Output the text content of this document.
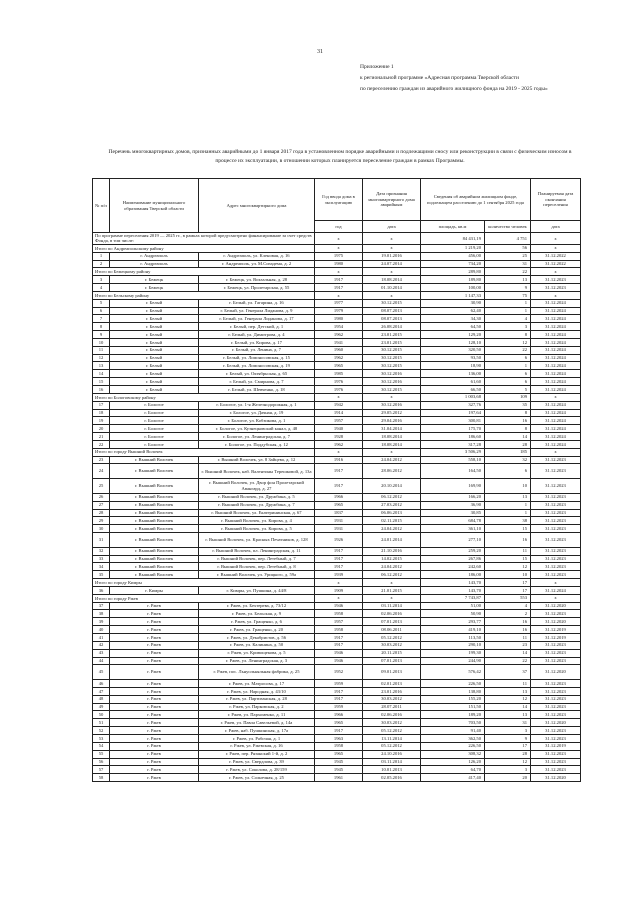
31
Приложение 1
к региональной программе «Адресная программа Тверской области
по переселению граждан из аварийного жилищного фонда на 2019 - 2025 годы»
Перечень многоквартирных домов, признанных аварийными до 1 января 2017 года в установленном порядке аварийными и подлежащими сносу или реконструкции в связи с физическим износом в процессе их эксплуатации, в отношении которых планируется переселение граждан в рамках Программы.
№ п/п	Наименование муниципального образования Тверской области	Адрес многоквартирного дома	Год ввода дома в эксплуатацию	Дата признания многоквартирного дома аварийным	Сведения об аварийном жилищном фонде, подлежащем расселению до 1 сентября 2025 года		Планируемая дата окончания переселения
			год	дата	площадь, кв.м	количество человек	дата
По программе переселения 2019 — 2025 гг., в рамках которой предусмотрено финансирование за счет средств Фонда, в том числе:			х	х	84 431,19	4 751	х
Итого по Андреапольскому району			х	х	1 219,20	56	х
1	г. Андреаполь	г. Андреаполь, ул. Кленовая, д. 16	1975	19.01.2016	456,00	25	31.12.2022
2	г. Андреаполь	г. Андреаполь, ул. М.Сизадема, д. 2	1980	24.07.2014	734,20	31	31.12.2022
Итого по Бежецкому району			х	х	289,80	22	х
3	г. Бежецк	г. Бежецк, ул. Вокзальная, д. 28	1917	18.08.2014	189,80	13	31.12.2023
4	г. Бежецк	г. Бежецк, ул. Пролетарская, д. 55	1917	01.10.2014	100,00	9	31.12.2023
Итого по Бельскому району			х	х	1 147,33	75	х
5	г. Белый	г. Белый, ул. Гагарина, д. 16	1977	30.12.2015	30,90	1	31.12.2024
6	г. Белый	г. Белый, ул. Генерала Лиданова, д. 9	1979	08.07.2013	62,40	1	31.12.2024
7	г. Белый	г. Белый, ул. Генерала Лиданова, д. 17	1980	08.07.2013	34,30	4	31.12.2024
8	г. Белый	г. Белый, пер. Детский, д. 1	1954	26.08.2014	64,50	3	31.12.2024
9	г. Белый	г. Белый, ул. Димитрова, д. 4	1962	23.01.2015	129,20	8	31.12.2024
10	г. Белый	г. Белый, ул. Кирова, д. 17	1941	23.01.2015	128,10	12	31.12.2024
11	г. Белый	г. Белый, ул. Ленина, д. 7	1960	30.12.2015	320,50	22	31.12.2024
12	г. Белый	г. Белый, ул. Ломоносовская, д. 15	1962	30.12.2015	93,50	6	31.12.2024
13	г. Белый	г. Белый, ул. Ломоносовская, д. 19	1965	30.12.2015	18,90	1	31.12.2024
14	г. Белый	г. Белый, ул. Октябрьская, д. 65	1985	30.12.2016	136,00	6	31.12.2024
15	г. Белый	г. Белый, ул. Смирнова, д. 7	1976	30.12.2016	61,60	6	31.12.2024
16	г. Белый	г. Белый, ул. Шевченко, д. 18	1976	30.12.2015	66,50	5	31.12.2024
Итого по Бологовскому району			х	х	1 003,68	109	х
17	г. Бологое	г. Бологое, ул. 1-я Железнодорожная, д. 1	1942	30.12.2016	327,76	35	31.12.2024
18	г. Бологое	г. Бологое, ул. Дачная, д. 19	1914	29.05.2012	197,64	8	31.12.2024
19	г. Бологое	г. Бологое, ул. Кобзикова, д. 1	1957	29.04.2016	300,81	16	31.12.2024
20	г. Бологое	г. Бологое, ул. Кузнецковский канал, д. 48	1940	31.04.2014	175,70	8	31.12.2024
21	г. Бологое	г. Бологое, ул. Ленинградская, д. 7	1928	18.08.2014	186,60	14	31.12.2024
22	г. Бологое	г. Бологое, ул. Поддубская, д. 12	1962	18.08.2014	317,28	28	31.12.2024
Итого по городу Вышний Волочек			х	х	3 506,29	185	х
23	г. Вышний Волочек	г. Вышний Волочек, ул. 8 Зайцева, д. 12	1916	24.04.2012	558,10	32	31.12.2023
24	г. Вышний Волочек	г. Вышний Волочек, наб. Валентины Терешковой, д. 13а	1917	28.06.2012	164,50	6	31.12.2023
25	г. Вышний Волочек	г. Вышний Волочек, ул. Двор фон Пролетарский Авангард, д. 27	1917	20.10.2014	169,90	10	31.12.2023
26	г. Вышний Волочек	г. Вышний Волочек, ул. Дружбина, д. 5	1966	06.12.2012	166,20	13	31.12.2023
27	г. Вышний Волочек	г. Вышний Волочек, ул. Дружбина, д. 7	1965	27.03.2012	36,90	1	31.12.2023
28	г. Вышний Волочек	г. Вышний Волочек, ул. Екатерининская, д. 67	1837	06.06.2013	30,85	1	31.12.2023
29	г. Вышний Волочек	г. Вышний Волочек, ул. Кирова, д. 4	1931	02.11.2015	684,78	38	31.12.2023
30	г. Вышний Волочек	г. Вышний Волочек, ул. Кирова, д. 5	1931	24.04.2012	361,10	15	31.12.2023
31	г. Вышний Волочек	г. Вышний Волочек, ул. Красных Печатников, д. 128	1926	24.01.2014	277,10	16	31.12.2023
32	г. Вышний Волочек	г. Вышний Волочек, пл. Ленинградская, д. 11	1917	21.10.2016	259,20	11	31.12.2023
33	г. Вышний Волочек	г. Вышний Волочек, пер. Летебный, д. 7	1917	14.02.2015	267,86	15	31.12.2023
34	г. Вышний Волочек	г. Вышний Волочек, пер. Летебный, д. 8	1917	24.04.2012	242,60	12	31.12.2023
35	г. Вышний Волочек	г. Вышний Волочек, ул. Урицкого, д. 59а	1939	06.12.2012	186,00	10	31.12.2023
Итого по городу Кимры			х	х	143,70	17	х
36	г. Кимры	г. Кимры, ул. Пушкина, д. 44/8	1909	21.01.2015	143,70	17	31.12.2024
Итого по городу Ржев			х	х	7 743,87	553	х
37	г. Ржев	г. Ржев, ул. Бехтерева, д. 73/12	1946	03.11.2014	51,00	4	31.12.2020
38	г. Ржев	г. Ржев, ул. Бельская, д. 9	1958	02.06.2016	50,90	2	31.12.2023
39	г. Ржев	г. Ржев, ул. Гращенко, д. 6	1957	07.01.2013	293,77	16	31.12.2020
40	г. Ржев	г. Ржев, ул. Гращенко, д. 20	1958	08.06.2011	419,10	16	31.12.2019
41	г. Ржев	г. Ржев, ул. Декабристов, д. 56	1917	05.12.2012	113,50	11	31.12.2019
42	г. Ржев	г. Ржев, ул. Калинина, д. 50	1917	30.03.2012	290,10	23	31.12.2023
43	г. Ржев	г. Ржев, ул. Кривощекова, д. 5	1946	20.11.2015	199,30	14	31.12.2023
44	г. Ржев	г. Ржев, ул. Ленинградская, д. 3	1946	07.01.2013	244,90	22	31.12.2023
45	г. Ржев	г. Ржев, пос. Льнуольняльная фабрика, д. 25	1952	09.01.2013	576,42	37	31.12.2020
46	г. Ржев	г. Ржев, ул. Матросова, д. 17	1959	02.01.2013	226,50	11	31.12.2023
47	г. Ржев	г. Ржев, ул. Народная, д. 43/10	1917	23.01.2016	138,80	13	31.12.2023
48	г. Ржев	г. Ржев, ул. Партизанская, д. 28	1917	30.03.2012	155,20	12	31.12.2023
49	г. Ржев	г. Ржев, ул. Парковская, д. 2	1959	28.07.2011	151,50	14	31.12.2023
50	г. Ржев	г. Ржев, ул. Пархоменко, д. 11	1966	02.06.2016	189,20	13	31.12.2023
51	г. Ржев	г. Ржев, ул. Павла Савельевой, д. 14а	1965	30.03.2012	703,50	31	31.12.2020
52	г. Ржев	г. Ржев, наб. Пушкинская, д. 17а	1917	05.12.2012	91,40	3	31.12.2023
53	г. Ржев	г. Ржев, ул. Рабочая, д. 1	1963	13.11.2014	362,50	9	31.12.2023
54	г. Ржев	г. Ржев, ул. Ржевская, д. 16	1958	05.12.2012	226,50	17	31.12.2019
55	г. Ржев	г. Ржев, пер. Рязанский 1-й, д. 2	1965	24.10.2016	308,32	28	31.12.2023
56	г. Ржев	г. Ржев, ул. Свердлова, д. 39	1945	03.11.2014	126,20	12	31.12.2023
57	г. Ржев	г. Ржев, ул. Соколова, д. 28/159	1945	10.01.2013	64,70	3	31.12.2023
58	г. Ржев	г. Ржев, ул. Солнечная, д. 25	1961	02.05.2016	417,40	20	31.12.2020
